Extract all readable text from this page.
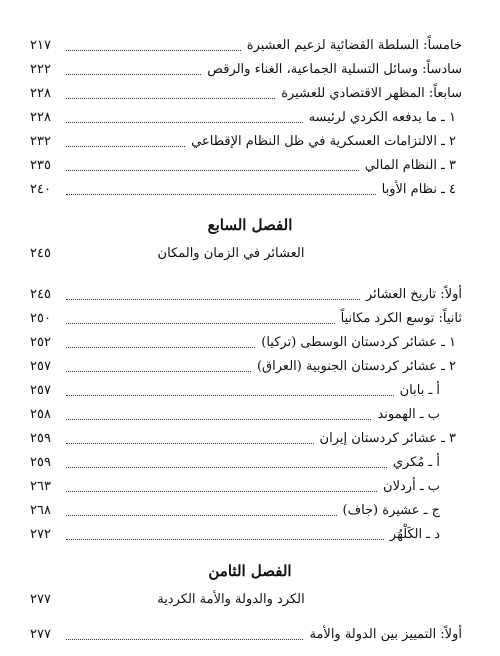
خامساً: السلطة القضائية لزعيم العشيرة
٢١٧
سادساً: وسائل التسلية الجماعية، الغناء والرقص
٢٢٢
سابعاً: المظهر الاقتصادي للعشيرة
٢٢٨
١ ـ ما يدفعه الكردي لرئيسه
٢٢٨
٢ ـ الالتزامات العسكرية في ظل النظام الإقطاعي
٢٣٢
٣ ـ النظام المالي
٢٣٥
٤ ـ نظام الأوبا
٢٤٠
الفصل السابع
العشائر في الزمان والمكان
٢٤٥
أولاً: تاريخ العشائر
٢٤٥
ثانياً: توسع الكرد مكانياً
٢٥٠
١ ـ عشائر كردستان الوسطى (تركيا)
٢٥٢
٢ ـ عشائر كردستان الجنوبية (العراق)
٢٥٧
أ ـ بابان
٢٥٧
ب ـ الهموند
٢٥٨
٣ ـ عشائر كردستان إيران
٢٥٩
أ ـ مُكري
٢٥٩
ب ـ أردلان
٢٦٣
ج ـ عشيرة (جاف)
٢٦٨
د ـ الكَلْهُر
٢٧٢
الفصل الثامن
الكرد والدولة والأمة الكردية
٢٧٧
أولاً: التمييز بين الدولة والأمة
٢٧٧
